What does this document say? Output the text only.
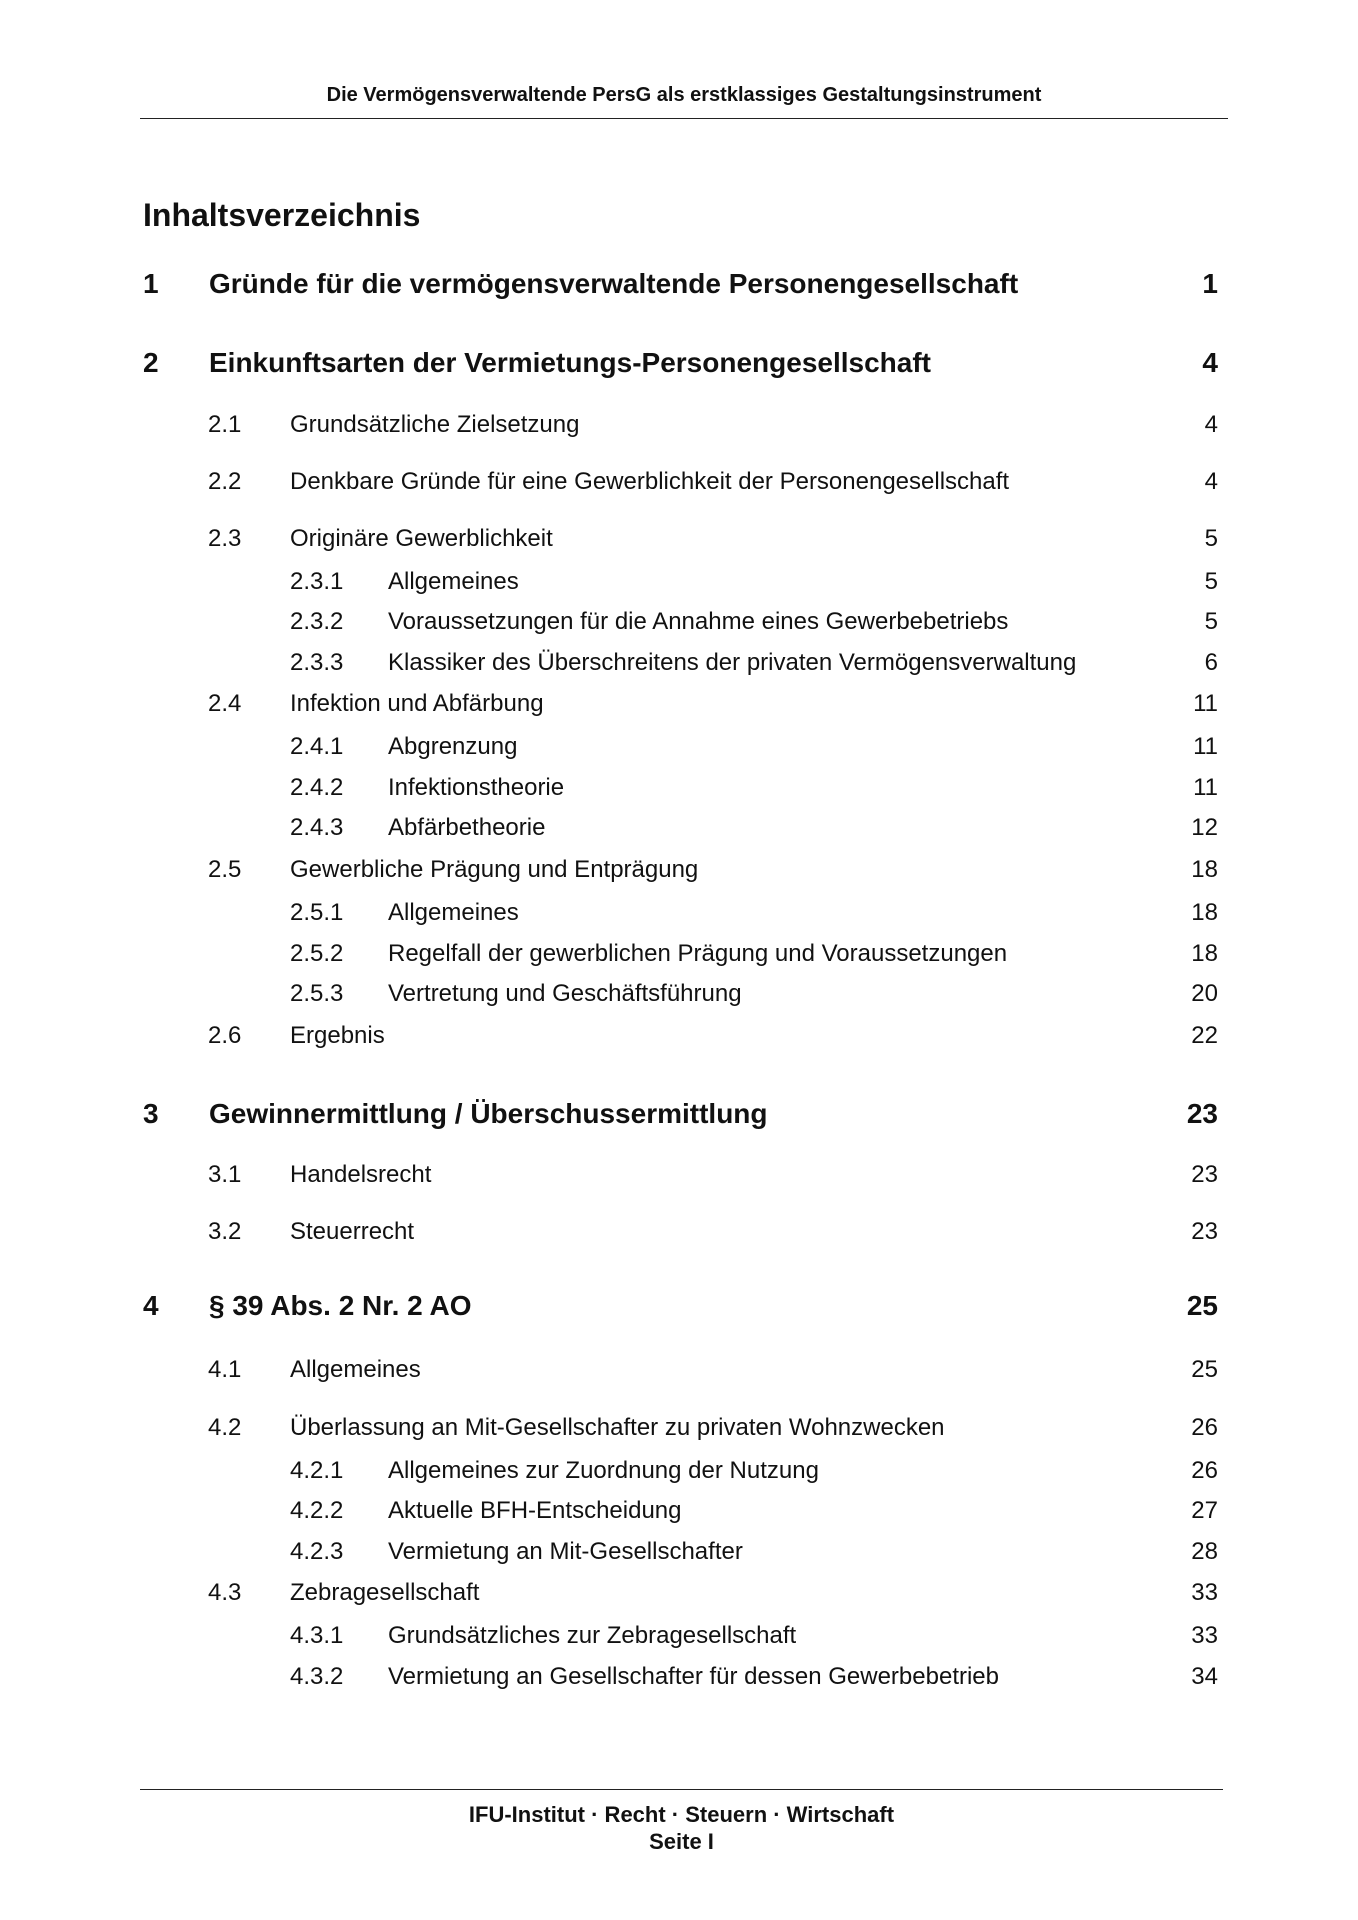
Die Vermögensverwaltende PersG als erstklassiges Gestaltungsinstrument
Inhaltsverzeichnis
1 Gründe für die vermögensverwaltende Personengesellschaft	1
2 Einkunftsarten der Vermietungs-Personengesellschaft	4
2.1 Grundsätzliche Zielsetzung	4
2.2 Denkbare Gründe für eine Gewerblichkeit der Personengesellschaft	4
2.3 Originäre Gewerblichkeit	5
2.3.1 Allgemeines	5
2.3.2 Voraussetzungen für die Annahme eines Gewerbebetriebs	5
2.3.3 Klassiker des Überschreitens der privaten Vermögensverwaltung	6
2.4 Infektion und Abfärbung	11
2.4.1 Abgrenzung	11
2.4.2 Infektionstheorie	11
2.4.3 Abfärbetheorie	12
2.5 Gewerbliche Prägung und Entprägung	18
2.5.1 Allgemeines	18
2.5.2 Regelfall der gewerblichen Prägung und Voraussetzungen	18
2.5.3 Vertretung und Geschäftsführung	20
2.6 Ergebnis	22
3 Gewinnermittlung / Überschussermittlung	23
3.1 Handelsrecht	23
3.2 Steuerrecht	23
4 § 39 Abs. 2 Nr. 2 AO	25
4.1 Allgemeines	25
4.2 Überlassung an Mit-Gesellschafter zu privaten Wohnzwecken	26
4.2.1 Allgemeines zur Zuordnung der Nutzung	26
4.2.2 Aktuelle BFH-Entscheidung	27
4.2.3 Vermietung an Mit-Gesellschafter	28
4.3 Zebragesellschaft	33
4.3.1 Grundsätzliches zur Zebragesellschaft	33
4.3.2 Vermietung an Gesellschafter für dessen Gewerbebetrieb	34
IFU-Institut · Recht · Steuern · Wirtschaft
Seite I
